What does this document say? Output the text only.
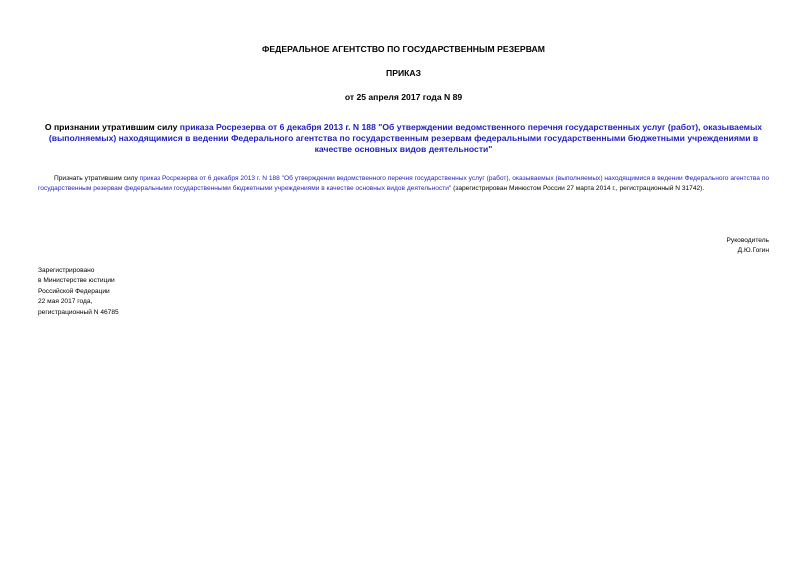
ФЕДЕРАЛЬНОЕ АГЕНТСТВО ПО ГОСУДАРСТВЕННЫМ РЕЗЕРВАМ
ПРИКАЗ
от 25 апреля 2017 года N 89
О признании утратившим силу приказа Росрезерва от 6 декабря 2013 г. N 188 "Об утверждении ведомственного перечня государственных услуг (работ), оказываемых (выполняемых) находящимися в ведении Федерального агентства по государственным резервам федеральными государственными бюджетными учреждениями в качестве основных видов деятельности"
Признать утратившим силу приказ Росрезерва от 6 декабря 2013 г. N 188 "Об утверждении ведомственного перечня государственных услуг (работ), оказываемых (выполняемых) находящимися в ведении Федерального агентства по государственным резервам федеральными государственными бюджетными учреждениями в качестве основных видов деятельности" (зарегистрирован Минюстом России 27 марта 2014 г., регистрационный N 31742).
Руководитель
Д.Ю.Гогин
Зарегистрировано
в Министерстве юстиции
Российской Федерации
22 мая 2017 года,
регистрационный N 46785
